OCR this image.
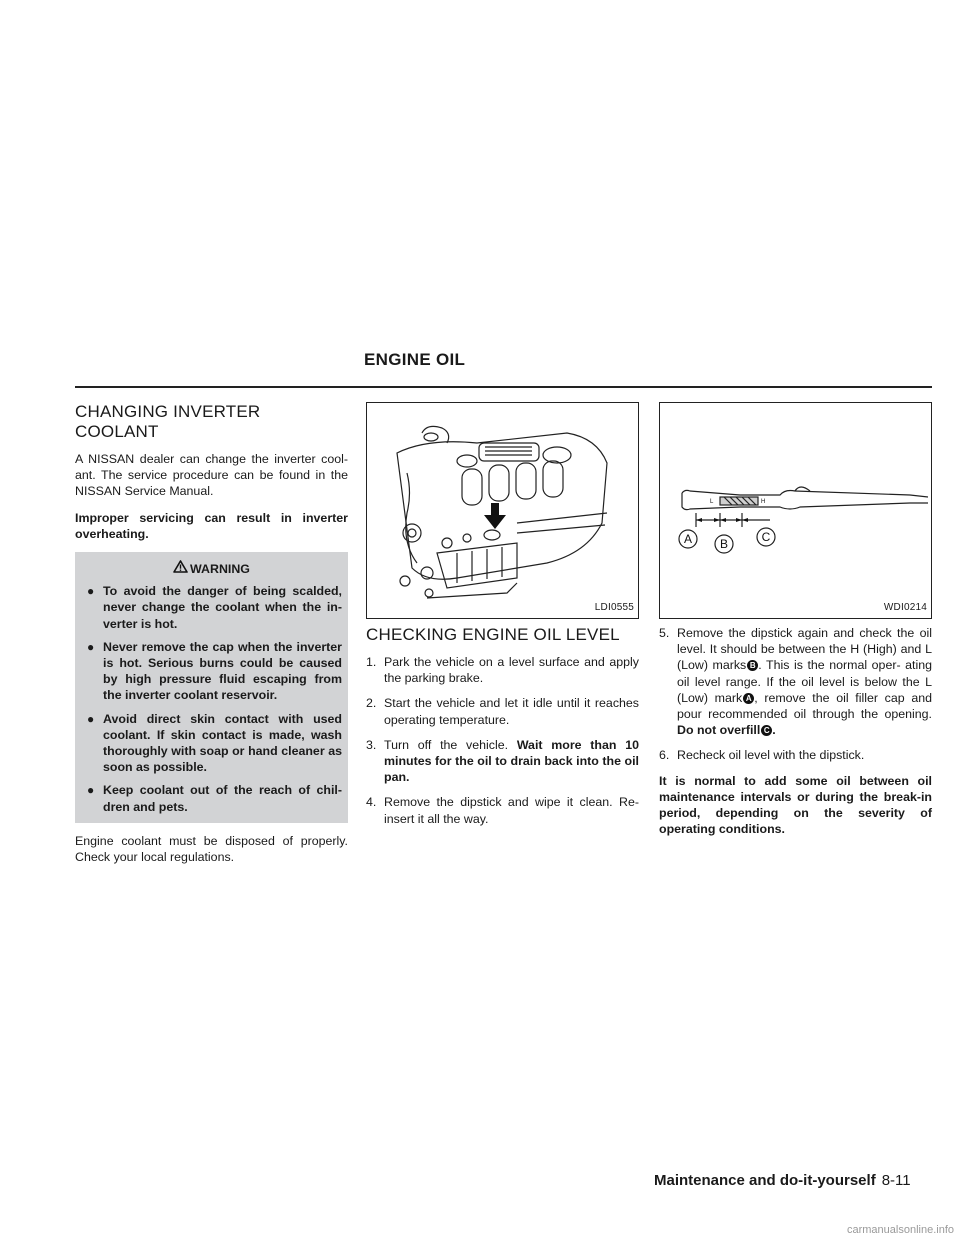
ENGINE OIL
CHANGING INVERTER COOLANT

A NISSAN dealer can change the inverter cool- ant. The service procedure can be found in the NISSAN Service Manual.

Improper servicing can result in inverter overheating.

WARNING
● To avoid the danger of being scalded, never change the coolant when the in- verter is hot.
● Never remove the cap when the inverter is hot. Serious burns could be caused by high pressure fluid escaping from the inverter coolant reservoir.
● Avoid direct skin contact with used coolant. If skin contact is made, wash thoroughly with soap or hand cleaner as soon as possible.
● Keep coolant out of the reach of chil- dren and pets.

Engine coolant must be disposed of properly. Check your local regulations.

LDI0555
CHECKING ENGINE OIL LEVEL
1. Park the vehicle on a level surface and apply the parking brake.
2. Start the vehicle and let it idle until it reaches operating temperature.
3. Turn off the vehicle. Wait more than 10 minutes for the oil to drain back into the oil pan.
4. Remove the dipstick and wipe it clean. Re- insert it all the way.
L	H
A B	C
WDI0214
5. Remove the dipstick again and check the oil level. It should be between the H (High) and L (Low) marks B . This is the normal oper- ating oil level range. If the oil level is below the L (Low) mark A , remove the oil filler cap and pour recommended oil through the opening. Do not overfill C .
6. Recheck oil level with the dipstick.

It is normal to add some oil between oil maintenance intervals or during the break-in period, depending on the severity of operating conditions.

Maintenance and do-it-yourself 8-11
carmanualsonline.info
